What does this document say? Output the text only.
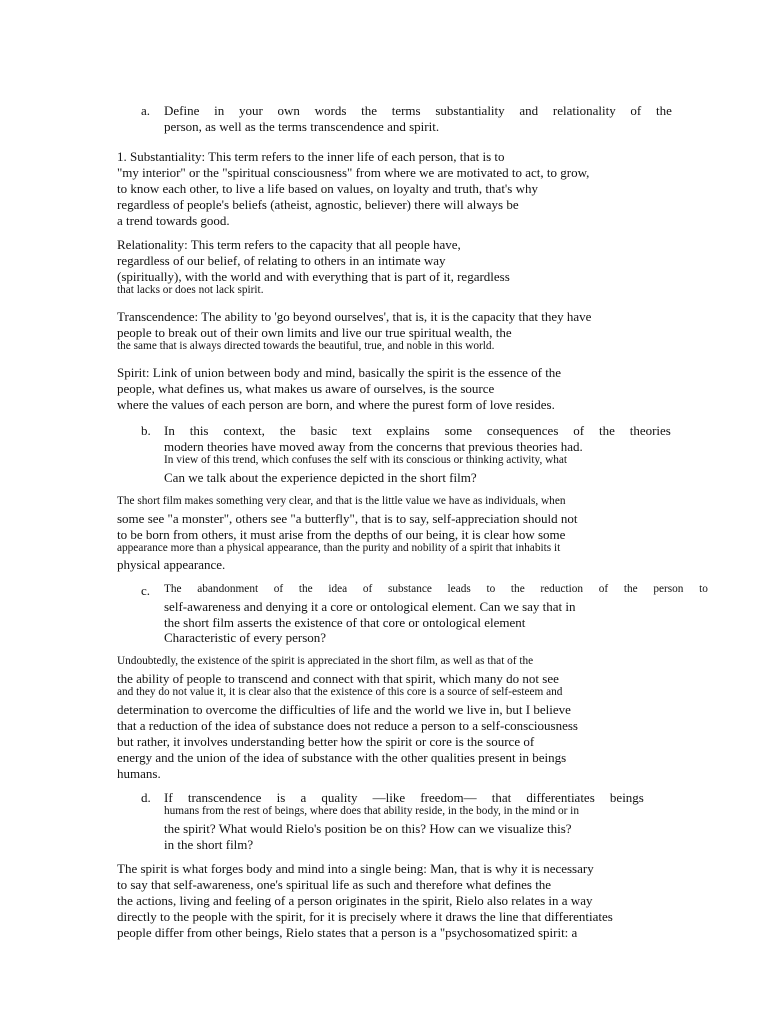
a. Define in your own words the terms substantiality and relationality of the
person, as well as the terms transcendence and spirit.
1. Substantiality: This term refers to the inner life of each person, that is to
"my interior" or the "spiritual consciousness" from where we are motivated to act, to grow,
to know each other, to live a life based on values, on loyalty and truth, that's why
regardless of people's beliefs (atheist, agnostic, believer) there will always be
a trend towards good.
Relationality: This term refers to the capacity that all people have,
regardless of our belief, of relating to others in an intimate way
(spiritually), with the world and with everything that is part of it, regardless
that lacks or does not lack spirit.
Transcendence: The ability to 'go beyond ourselves', that is, it is the capacity that they have
people to break out of their own limits and live our true spiritual wealth, the
the same that is always directed towards the beautiful, true, and noble in this world.
Spirit: Link of union between body and mind, basically the spirit is the essence of the
people, what defines us, what makes us aware of ourselves, is the source
where the values of each person are born, and where the purest form of love resides.
b. In this context, the basic text explains some consequences of the theories
modern theories have moved away from the concerns that previous theories had.
In view of this trend, which confuses the self with its conscious or thinking activity, what
Can we talk about the experience depicted in the short film?
The short film makes something very clear, and that is the little value we have as individuals, when
some see "a monster", others see "a butterfly", that is to say, self-appreciation should not
to be born from others, it must arise from the depths of our being, it is clear how some
appearance more than a physical appearance, than the purity and nobility of a spirit that inhabits it
physical appearance.
c. The abandonment of the idea of substance leads to the reduction of the person to
self-awareness and denying it a core or ontological element. Can we say that in
the short film asserts the existence of that core or ontological element
Characteristic of every person?
Undoubtedly, the existence of the spirit is appreciated in the short film, as well as that of the
the ability of people to transcend and connect with that spirit, which many do not see
and they do not value it, it is clear also that the existence of this core is a source of self-esteem and
determination to overcome the difficulties of life and the world we live in, but I believe
that a reduction of the idea of substance does not reduce a person to a self-consciousness
but rather, it involves understanding better how the spirit or core is the source of
energy and the union of the idea of substance with the other qualities present in beings
humans.
d. If transcendence is a quality —like freedom— that differentiates beings
humans from the rest of beings, where does that ability reside, in the body, in the mind or in
the spirit? What would Rielo's position be on this? How can we visualize this?
in the short film?
The spirit is what forges body and mind into a single being: Man, that is why it is necessary
to say that self-awareness, one's spiritual life as such and therefore what defines the
the actions, living and feeling of a person originates in the spirit, Rielo also relates in a way
directly to the people with the spirit, for it is precisely where it draws the line that differentiates
people differ from other beings, Rielo states that a person is a "psychosomatized spirit: a
